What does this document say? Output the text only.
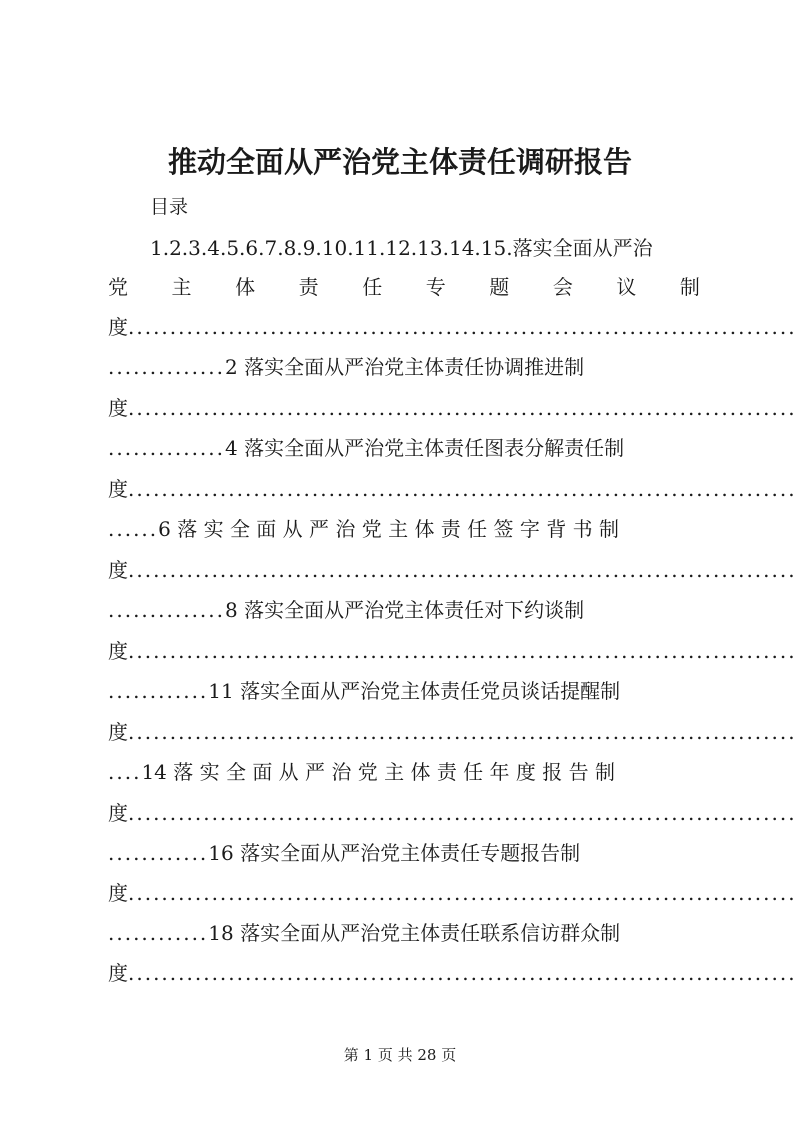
推动全面从严治党主体责任调研报告
目录
1.2.3.4.5.6.7.8.9.10.11.12.13.14.15.落实全面从严治
党 主 体 责 任 专 题 会 议 制
度 ................................................................................
..............2 落实全面从严治党主体责任协调推进制
度 ................................................................................
..............4 落实全面从严治党主体责任图表分解责任制
度 ................................................................................
......6 落 实 全 面 从 严 治 党 主 体 责 任 签 字 背 书 制
度 ................................................................................
..............8 落实全面从严治党主体责任对下约谈制
度 ................................................................................
............11 落实全面从严治党主体责任党员谈话提醒制
度 ................................................................................
....14 落 实 全 面 从 严 治 党 主 体 责 任 年 度 报 告 制
度 ................................................................................
............16 落实全面从严治党主体责任专题报告制
度 ................................................................................
............18 落实全面从严治党主体责任联系信访群众制
度 ................................................................................
第 1 页 共 28 页
